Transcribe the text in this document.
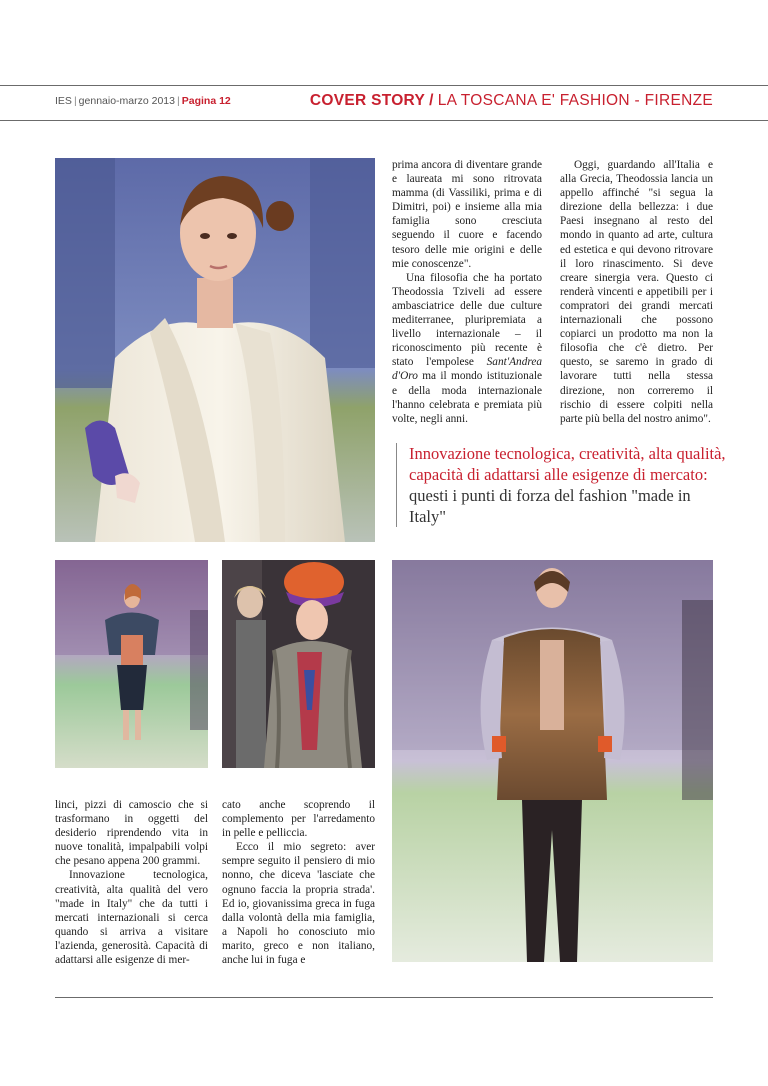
IES | gennaio-marzo 2013 | Pagina 12	COVER STORY / LA TOSCANA E' FASHION - FIRENZE

prima ancora di diventare grande e laureata mi sono ritrovata mamma (di Vassiliki, prima e di Dimitri, poi) e insieme alla mia famiglia sono cresciuta seguendo il cuore e facendo tesoro delle mie origini e delle mie conoscenze".

Una filosofia che ha portato Theodossia Tziveli ad essere ambasciatrice delle due culture mediterranee, pluripremiata a livello internazionale – il riconoscimento più recente è stato l'empolese Sant'Andrea d'Oro ma il mondo istituzionale e della moda internazionale l'hanno celebrata e premiata più volte, negli anni.

Oggi, guardando all'Italia e alla Grecia, Theodossia lancia un appello affinché "si segua la direzione della bellezza: i due Paesi insegnano al resto del mondo in quanto ad arte, cultura ed estetica e qui devono ritrovare il loro rinascimento. Si deve creare sinergia vera. Questo ci renderà vincenti e appetibili per i compratori dei grandi mercati internazionali che possono copiarci un prodotto ma non la filosofia che c'è dietro. Per questo, se saremo in grado di lavorare tutti nella stessa direzione, non correremo il rischio di essere colpiti nella parte più bella del nostro animo".

Innovazione tecnologica, creatività, alta qualità, capacità di adattarsi alle esigenze di mercato: questi i punti di forza del fashion "made in Italy"

linci, pizzi di camoscio che si trasformano in oggetti del desiderio riprendendo vita in nuove tonalità, impalpabili volpi che pesano appena 200 grammi.

Innovazione tecnologica, creatività, alta qualità del vero "made in Italy" che da tutti i mercati internazionali si cerca quando si arriva a visitare l'azienda, generosità. Capacità di adattarsi alle esigenze di mer-

cato anche scoprendo il complemento per l'arredamento in pelle e pelliccia.

Ecco il mio segreto: aver sempre seguito il pensiero di mio nonno, che diceva 'lasciate che ognuno faccia la propria strada'. Ed io, giovanissima greca in fuga dalla volontà della mia famiglia, a Napoli ho conosciuto mio marito, greco e non italiano, anche lui in fuga e
